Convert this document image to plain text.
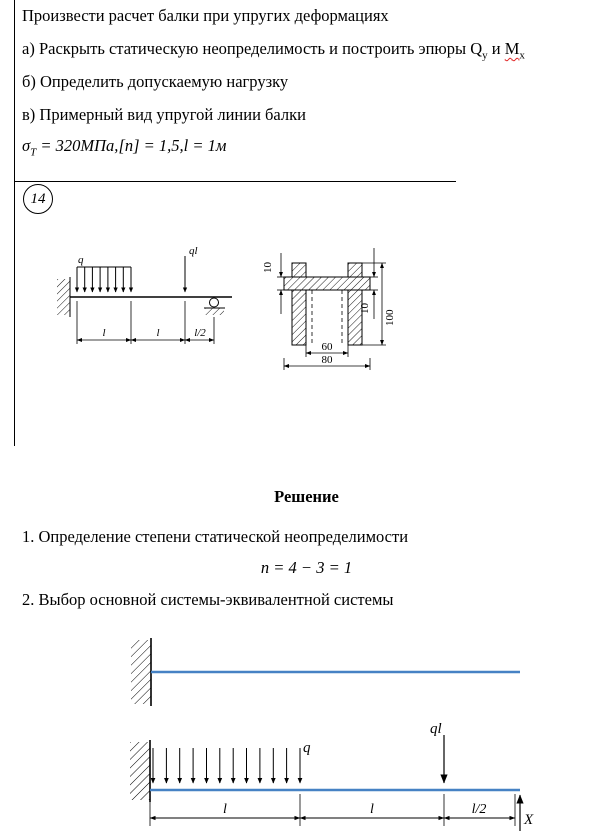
Произвести расчет балки при упругих деформациях
а) Раскрыть статическую неопределимость и построить эпюры $Q_y$ и $M_x$
б) Определить допускаемую нагрузку
в) Примерный вид упругой линии балки
$\sigma_Т = 320МПа,[n] = 1,5,l = 1м$
14
q
ql
l	l	l/2
10
10
100
60
80
Решение
1. Определение степени статической неопределимости
n = 4 − 3 = 1
2. Выбор основной системы-эквивалентной системы
q
ql
l	l	l/2
X
